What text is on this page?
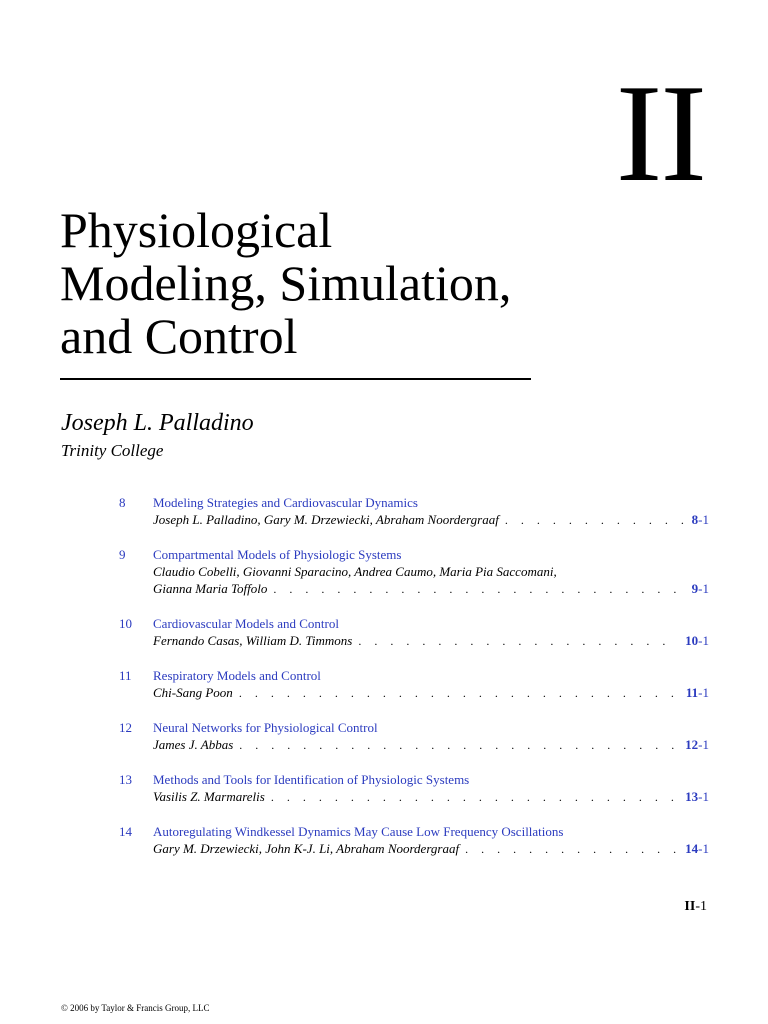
II
Physiological
Modeling, Simulation,
and Control
Joseph L. Palladino
Trinity College
8 Modeling Strategies and Cardiovascular Dynamics
Joseph L. Palladino, Gary M. Drzewiecki, Abraham Noordergraaf . . .	8-1
9 Compartmental Models of Physiologic Systems
Claudio Cobelli, Giovanni Sparacino, Andrea Caumo, Maria Pia Saccomani,
Gianna Maria Toffolo . . .	9-1
10 Cardiovascular Models and Control
Fernando Casas, William D. Timmons . . .	10-1
11 Respiratory Models and Control
Chi-Sang Poon . . .	11-1
12 Neural Networks for Physiological Control
James J. Abbas . . .	12-1
13 Methods and Tools for Identification of Physiologic Systems
Vasilis Z. Marmarelis . . .	13-1
14 Autoregulating Windkessel Dynamics May Cause Low Frequency Oscillations
Gary M. Drzewiecki, John K-J. Li, Abraham Noordergraaf . . .	14-1
II-1
© 2006 by Taylor & Francis Group, LLC
